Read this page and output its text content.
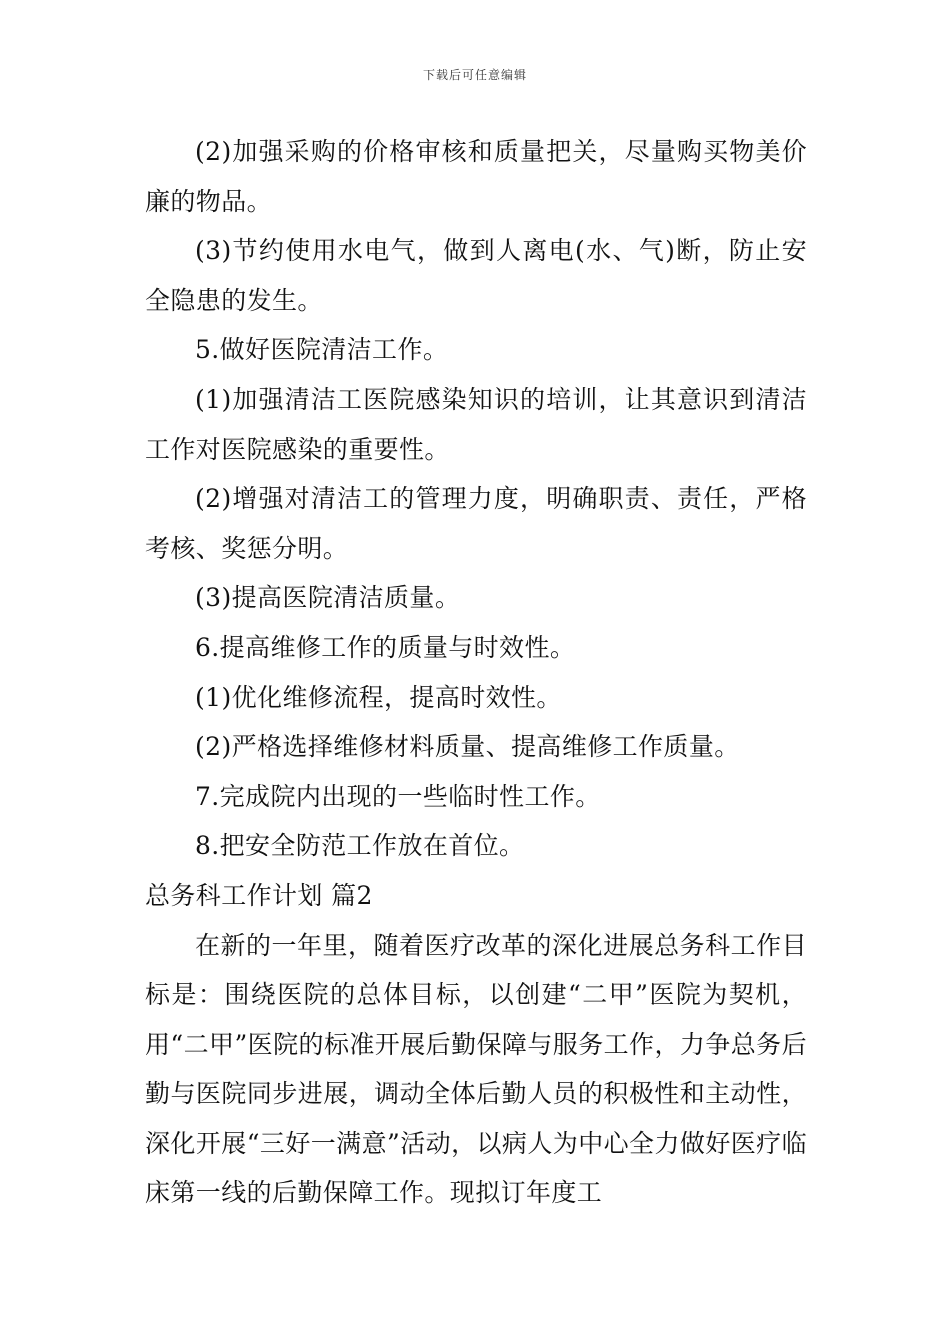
下载后可任意编辑

(2)加强采购的价格审核和质量把关，尽量购买物美价廉的物品。

(3)节约使用水电气，做到人离电(水、气)断，防止安全隐患的发生。

5.做好医院清洁工作。

(1)加强清洁工医院感染知识的培训，让其意识到清洁工作对医院感染的重要性。

(2)增强对清洁工的管理力度，明确职责、责任，严格考核、奖惩分明。

(3)提高医院清洁质量。

6.提高维修工作的质量与时效性。

(1)优化维修流程，提高时效性。

(2)严格选择维修材料质量、提高维修工作质量。

7.完成院内出现的一些临时性工作。

8.把安全防范工作放在首位。

总务科工作计划 篇2

在新的一年里，随着医疗改革的深化进展总务科工作目标是：围绕医院的总体目标，以创建“二甲”医院为契机，用“二甲”医院的标准开展后勤保障与服务工作，力争总务后勤与医院同步进展，调动全体后勤人员的积极性和主动性，深化开展“三好一满意”活动，以病人为中心全力做好医疗临床第一线的后勤保障工作。现拟订年度工
